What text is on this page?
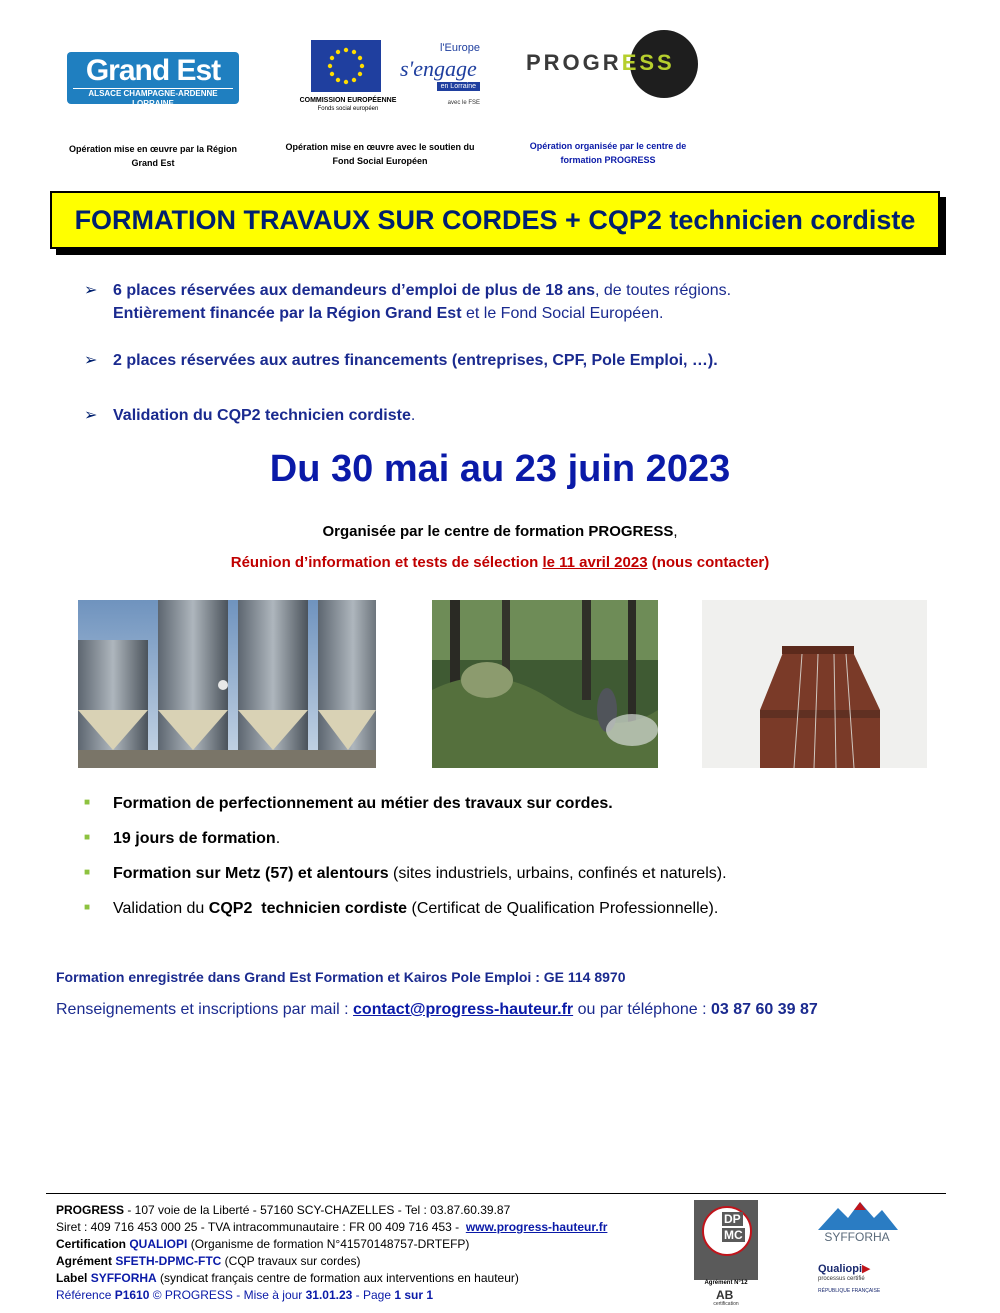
Grand Est
ALSACE CHAMPAGNE-ARDENNE LORRAINE	COMMISSION EUROPÉENNE
Fonds social européen
l'Europe
s'engage
en Lorraine
avec le FSE
PROGRESS
Opération mise en œuvre par la Région
Grand Est
Opération mise en œuvre avec le soutien du
Fond Social Européen
Opération organisée par le centre de
formation PROGRESS
FORMATION TRAVAUX SUR CORDES + CQP2 technicien cordiste
➢ 6 places réservées aux demandeurs d’emploi de plus de 18 ans, de toutes régions.
Entièrement financée par la Région Grand Est et le Fond Social Européen.
➢ 2 places réservées aux autres financements (entreprises, CPF, Pole Emploi, …).
➢ Validation du CQP2 technicien cordiste.
Du 30 mai au 23 juin 2023
Organisée par le centre de formation PROGRESS,
Réunion d’information et tests de sélection le 11 avril 2023 (nous contacter)
■ Formation de perfectionnement au métier des travaux sur cordes.
■ 19 jours de formation.
■ Formation sur Metz (57) et alentours (sites industriels, urbains, confinés et naturels).
■ Validation du CQP2  technicien cordiste (Certificat de Qualification Professionnelle).
Formation enregistrée dans Grand Est Formation et Kairos Pole Emploi : GE 114 8970
Renseignements et inscriptions par mail : contact@progress-hauteur.fr ou par téléphone : 03 87 60 39 87
PROGRESS - 107 voie de la Liberté - 57160 SCY-CHAZELLES - Tel : 03.87.60.39.87
Siret : 409 716 453 000 25 - TVA intracommunautaire : FR 00 409 716 453 -  www.progress-hauteur.fr
Certification QUALIOPI (Organisme de formation N°41570148757-DRTEFP)
Agrément SFETH-DPMC-FTC (CQP travaux sur cordes)
Label SYFFORHA (syndicat français centre de formation aux interventions en hauteur)
Référence P1610 © PROGRESS - Mise à jour 31.01.23 - Page 1 sur 1
DP
MC
Agrément N°12
AB
certification
SYFFORHA
Qualiopi▶
processus certifié
RÉPUBLIQUE FRANÇAISE
